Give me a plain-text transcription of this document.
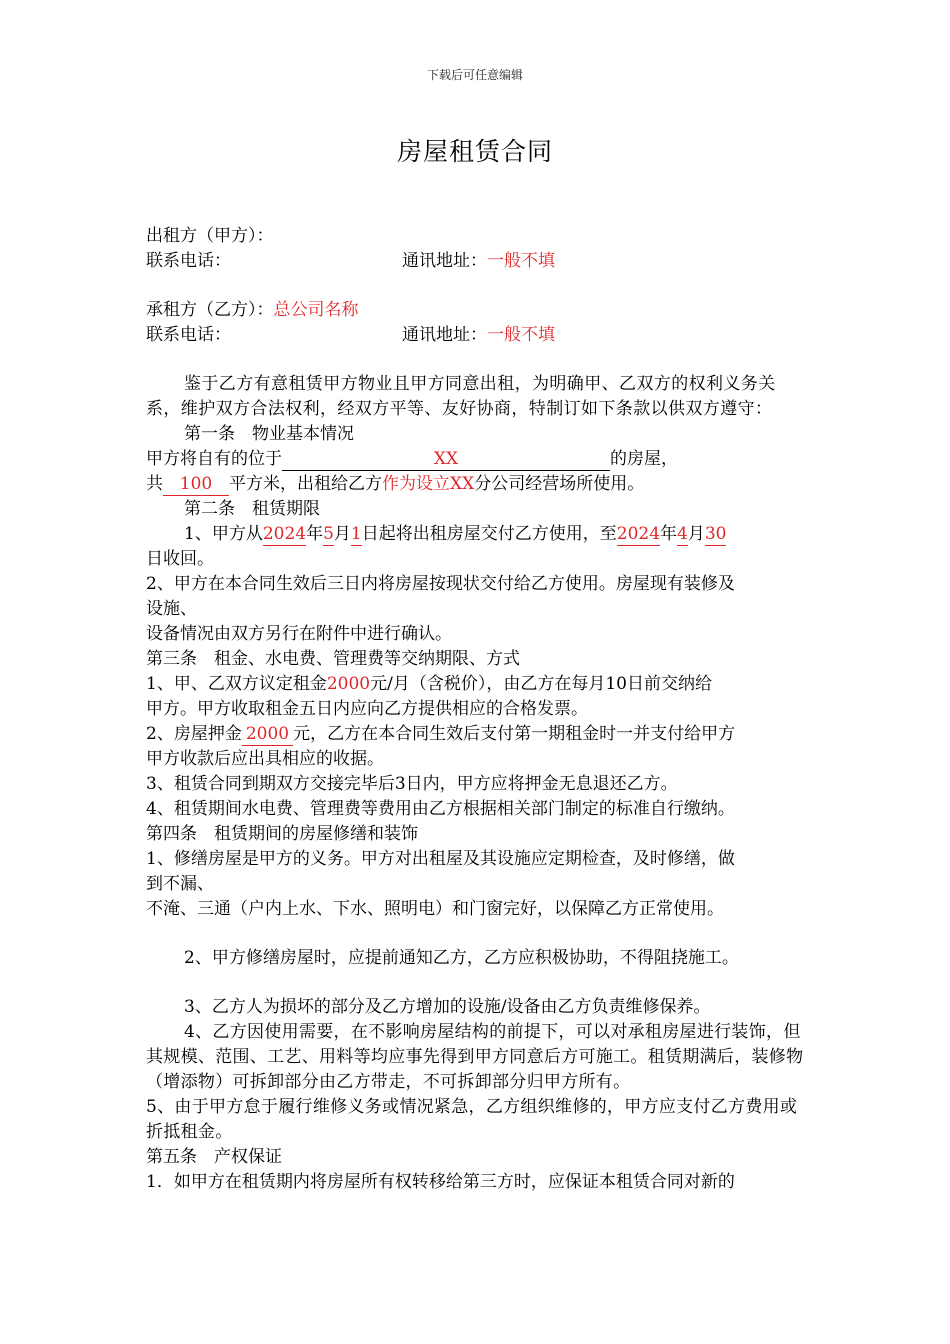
下载后可任意编辑
房屋租赁合同
出租方（甲方）：
联系电话：	通讯地址：一般不填
承租方（乙方）：总公司名称
联系电话：	通讯地址：一般不填
鉴于乙方有意租赁甲方物业且甲方同意出租，为明确甲、乙双方的权利义务关系，维护双方合法权利，经双方平等、友好协商，特制订如下条款以供双方遵守：
第一条　物业基本情况
甲方将自有的位于	XX	的房屋，
共 100 平方米，出租给乙方作为设立XX分公司经营场所使用。
第二条　租赁期限
1、甲方从2024年5月1日起将出租房屋交付乙方使用，至2024年4月30
日收回。
2、甲方在本合同生效后三日内将房屋按现状交付给乙方使用。房屋现有装修及
设施、
设备情况由双方另行在附件中进行确认。
第三条　租金、水电费、管理费等交纳期限、方式
1、甲、乙双方议定租金2000元/月（含税价），由乙方在每月10日前交纳给
甲方。甲方收取租金五日内应向乙方提供相应的合格发票。
2、房屋押金 2000 元，乙方在本合同生效后支付第一期租金时一并支付给甲方
甲方收款后应出具相应的收据。
3、租赁合同到期双方交接完毕后3日内，甲方应将押金无息退还乙方。
4、租赁期间水电费、管理费等费用由乙方根据相关部门制定的标准自行缴纳。
第四条　租赁期间的房屋修缮和装饰
1、修缮房屋是甲方的义务。甲方对出租屋及其设施应定期检查，及时修缮，做
到不漏、
不淹、三通（户内上水、下水、照明电）和门窗完好，以保障乙方正常使用。
2、甲方修缮房屋时，应提前通知乙方，乙方应积极协助，不得阻挠施工。
3、乙方人为损坏的部分及乙方增加的设施/设备由乙方负责维修保养。
4、乙方因使用需要，在不影响房屋结构的前提下，可以对承租房屋进行装饰，但其规模、范围、工艺、用料等均应事先得到甲方同意后方可施工。租赁期满后，装修物（增添物）可拆卸部分由乙方带走，不可拆卸部分归甲方所有。
5、由于甲方怠于履行维修义务或情况紧急，乙方组织维修的，甲方应支付乙方费用或折抵租金。
第五条　产权保证
1．如甲方在租赁期内将房屋所有权转移给第三方时，应保证本租赁合同对新的
